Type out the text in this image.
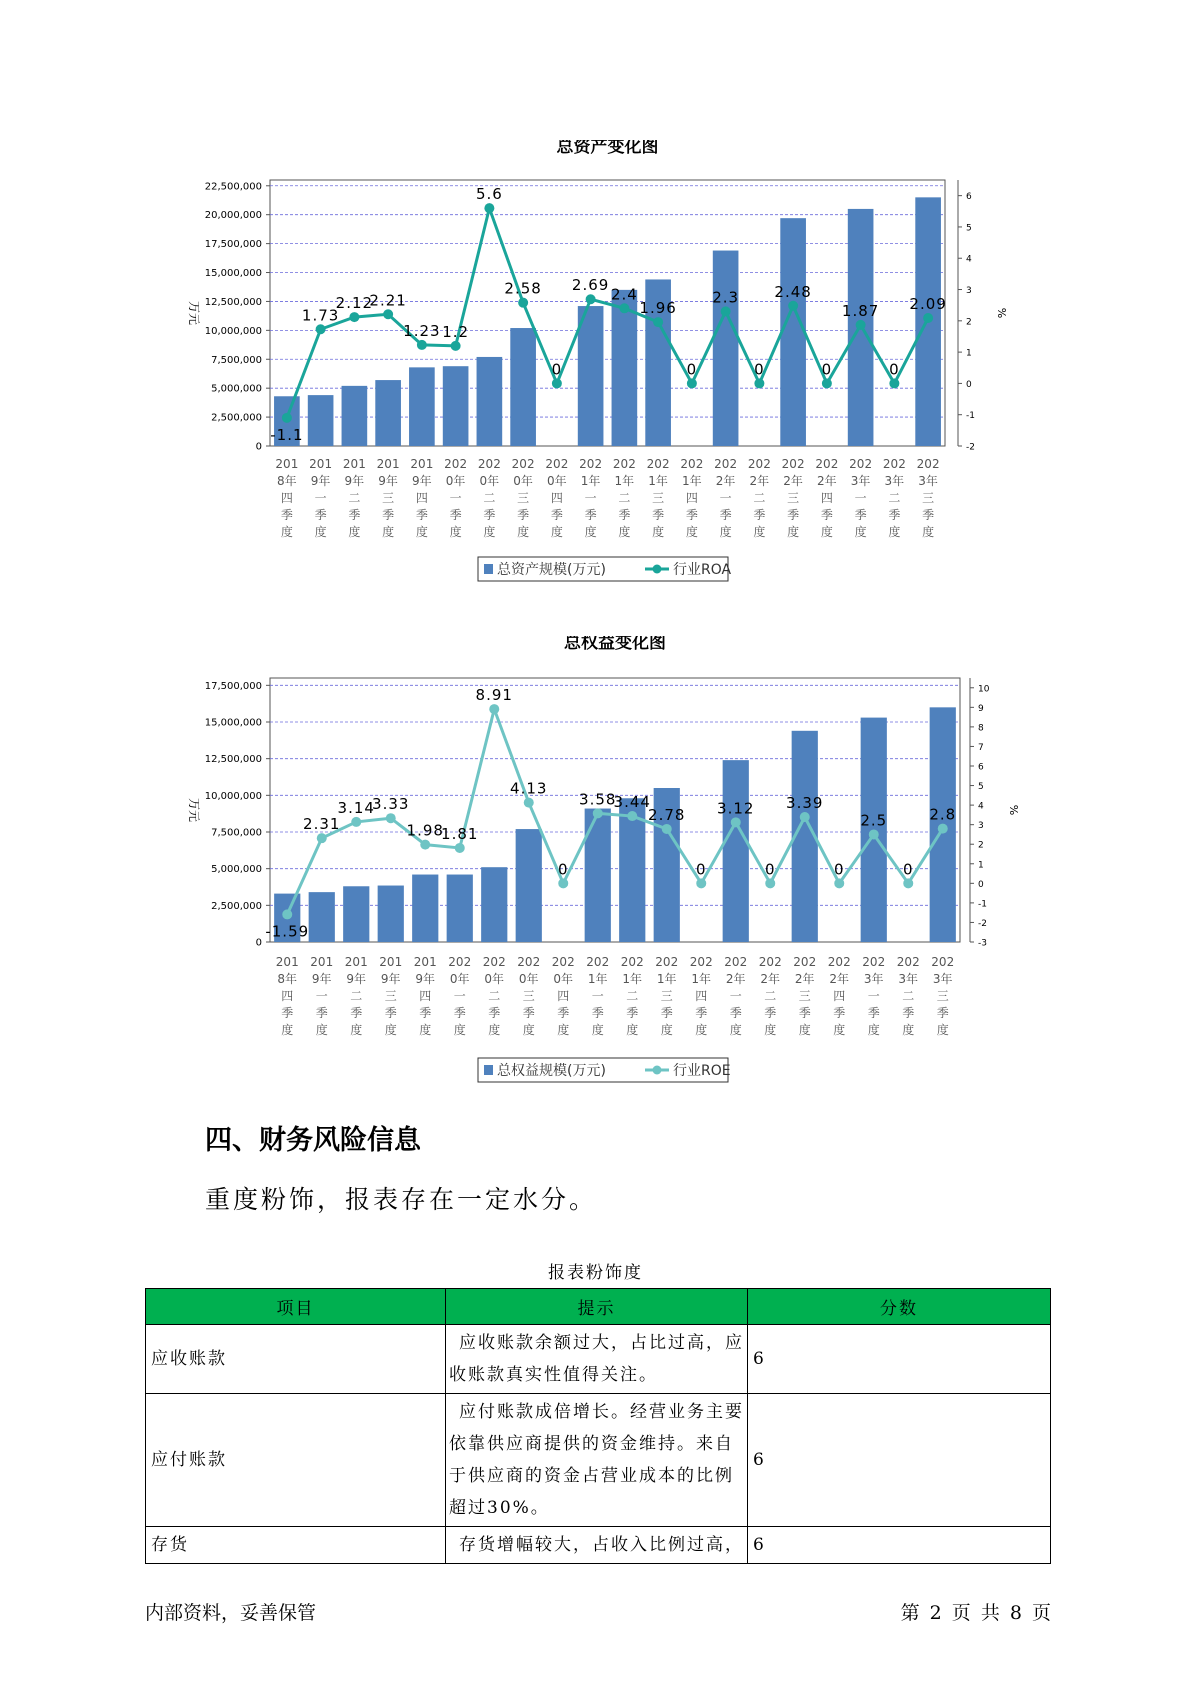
总资产变化图
0
2,500,000
5,000,000
7,500,000
10,000,000
12,500,000
15,000,000
17,500,000
20,000,000
22,500,000
-2
-1
0
1
2
3
4
5
6
万元	%
-1.1
1.73
2.12
2.21
1.23 1.2
5.6
2.58
0
2.69
2.4
1.96
0
2.3
0
2.48
0
1.87
0
2.09
201
8年
四
季
度
201
9年
一
季
度
201
9年
二
季
度
201
9年
三
季
度
201
9年
四
季
度
202
0年
一
季
度
202
0年
二
季
度
202
0年
三
季
度
202
0年
四
季
度
202
1年
一
季
度
202
1年
二
季
度
202
1年
三
季
度
202
1年
四
季
度
202
2年
一
季
度
202
2年
二
季
度
202
2年
三
季
度
202
2年
四
季
度
202
3年
一
季
度
202
3年
二
季
度
202
3年
三
季
度
总资产规模(万元)	行业ROA
总权益变化图
0
2,500,000
5,000,000
7,500,000
10,000,000
12,500,000
15,000,000
17,500,000
-3
-2
-1
0
1
2
3
4
5
6
7
8
9
10
万元	%
-1.59
2.31
3.14
3.33
1.98
1.81
8.91
4.13
0
3.58
3.44
2.78
0
3.12
0
3.39
0
2.5
0
2.8
201
8年
四
季
度
201
9年
一
季
度
201
9年
二
季
度
201
9年
三
季
度
201
9年
四
季
度
202
0年
一
季
度
202
0年
二
季
度
202
0年
三
季
度
202
0年
四
季
度
202
1年
一
季
度
202
1年
二
季
度
202
1年
三
季
度
202
1年
四
季
度
202
2年
一
季
度
202
2年
二
季
度
202
2年
三
季
度
202
2年
四
季
度
202
3年
一
季
度
202
3年
二
季
度
202
3年
三
季
度
总权益规模(万元)	行业ROE
四、财务风险信息

重度粉饰，报表存在一定水分。

报表粉饰度
项目	提示	分数
应收账款	应收账款余额过大，占比过高，应收账款真实性值得关注。	6
应付账款	应付账款成倍增长。经营业务主要依靠供应商提供的资金维持。来自于供应商的资金占营业成本的比例超过30%。	6
存货	存货增幅较大，占收入比例过高，	6
内部资料，妥善保管	第 2 页 共 8 页
